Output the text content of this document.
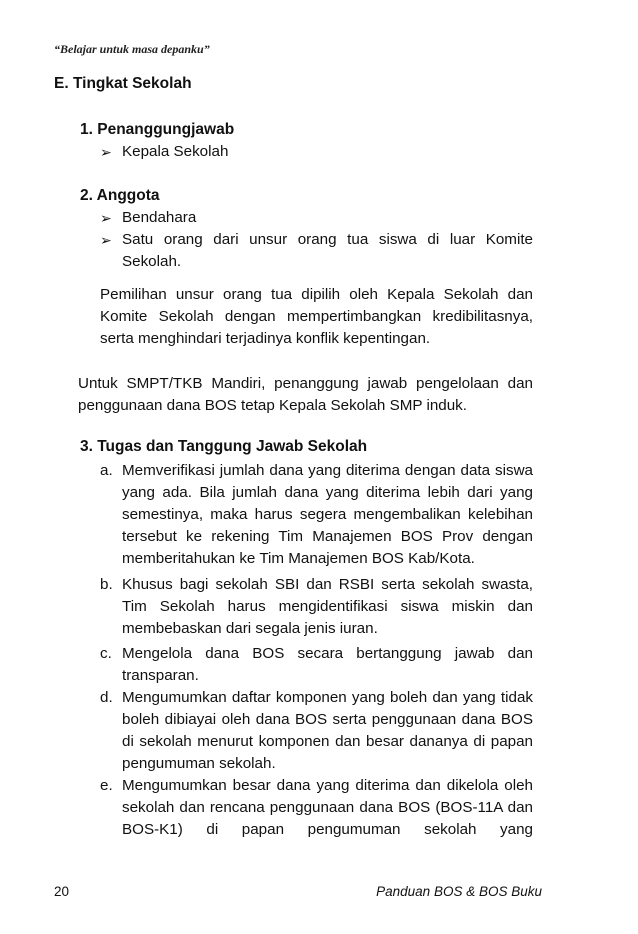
“Belajar untuk masa depanku”
E. Tingkat Sekolah
1. Penanggungjawab
➢ Kepala Sekolah
2. Anggota
➢ Bendahara
➢ Satu orang dari unsur orang tua siswa di luar Komite
Sekolah.
Pemilihan unsur orang tua dipilih oleh Kepala Sekolah dan
Komite Sekolah dengan mempertimbangkan kredibilitasnya,
serta menghindari terjadinya konflik kepentingan.
Untuk SMPT/TKB Mandiri, penanggung jawab pengelolaan dan
penggunaan dana BOS tetap Kepala Sekolah SMP induk.
3. Tugas dan Tanggung Jawab Sekolah
a. Memverifikasi jumlah dana yang diterima dengan data siswa
yang ada. Bila jumlah dana yang diterima lebih dari yang
semestinya, maka harus segera mengembalikan kelebihan
tersebut ke rekening Tim Manajemen BOS Prov dengan
memberitahukan ke Tim Manajemen BOS Kab/Kota.
b. Khusus bagi sekolah SBI dan RSBI serta sekolah swasta,
Tim Sekolah harus mengidentifikasi siswa miskin dan
membebaskan dari segala jenis iuran.
c. Mengelola dana BOS secara bertanggung jawab dan
transparan.
d. Mengumumkan daftar komponen yang boleh dan yang tidak
boleh dibiayai oleh dana BOS serta penggunaan dana BOS
di sekolah menurut komponen dan besar dananya di papan
pengumuman sekolah.
e. Mengumumkan besar dana yang diterima dan dikelola oleh
sekolah dan rencana penggunaan dana BOS (BOS-11A dan
BOS-K1) di papan pengumuman sekolah yang
20	Panduan BOS & BOS Buku
